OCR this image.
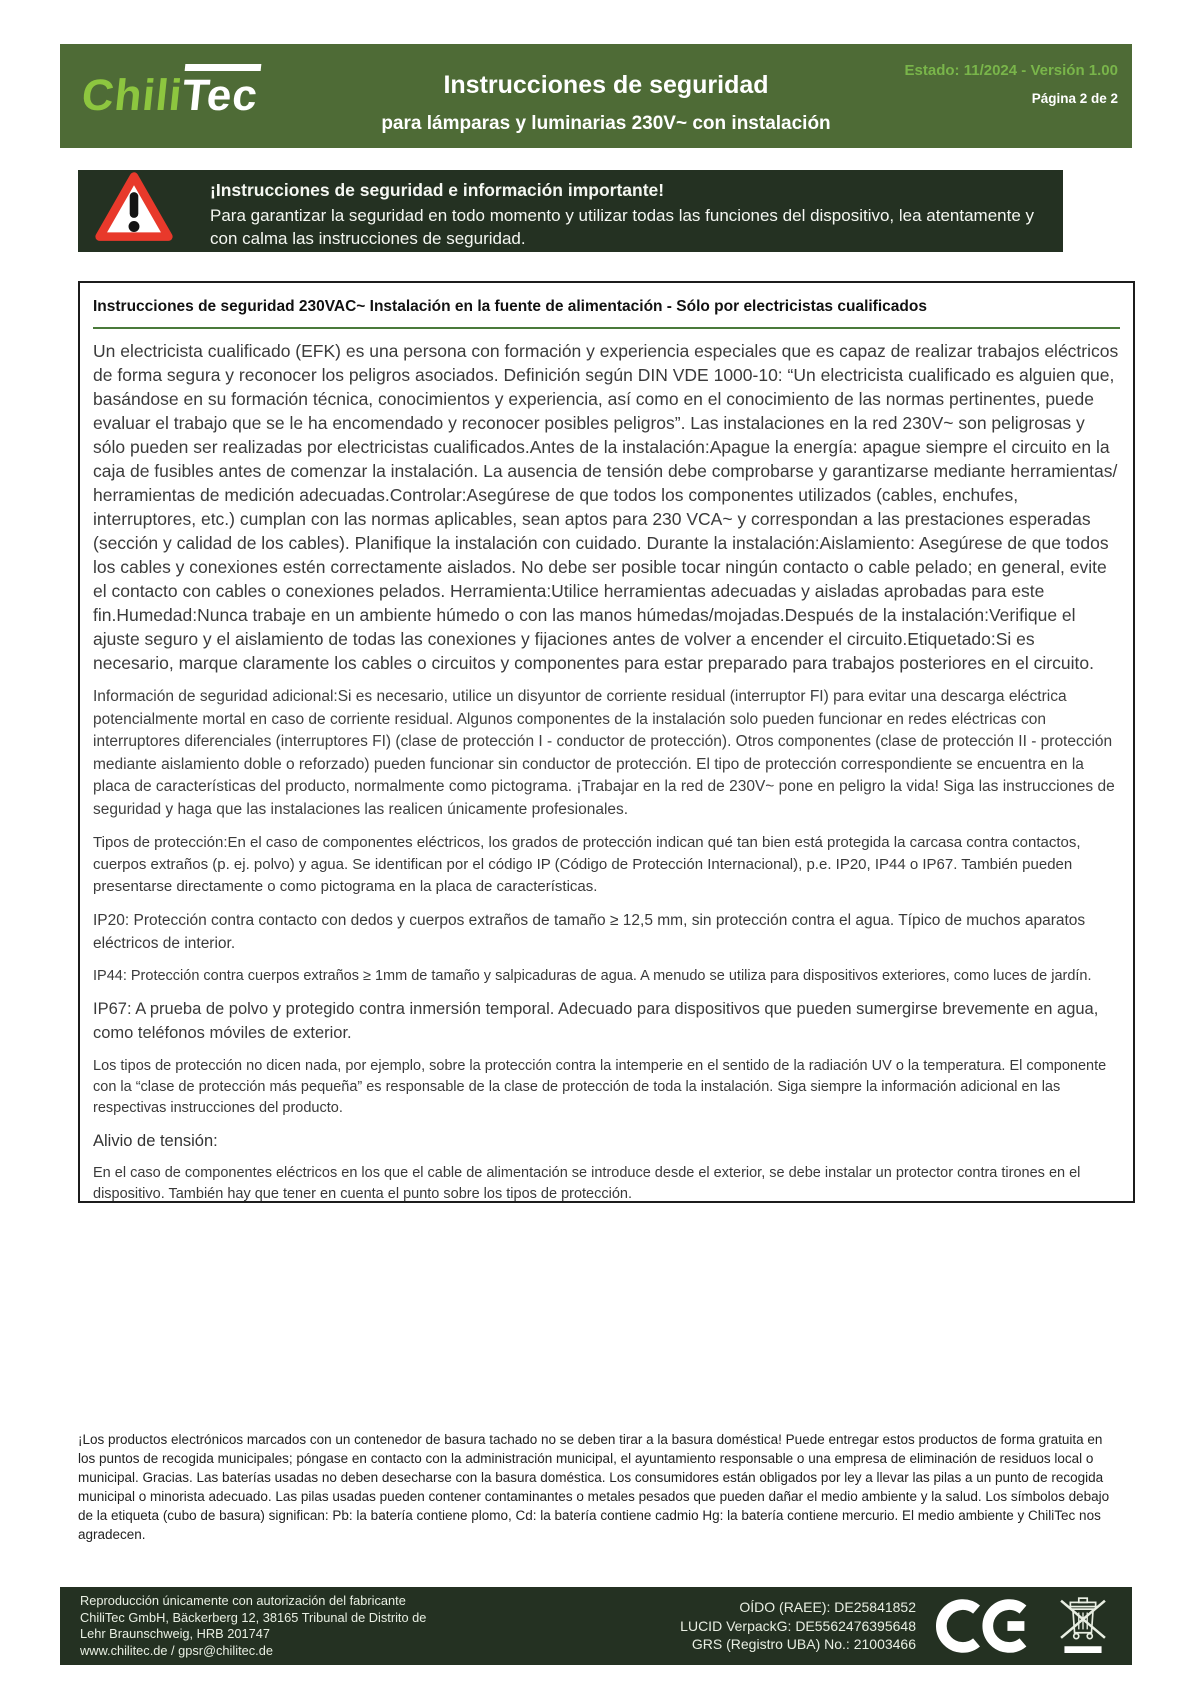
ChiliTec	Instrucciones de seguridad
para lámparas y luminarias 230V~ con instalación
Estado: 11/2024 - Versión 1.00
Página 2 de 2
¡Instrucciones de seguridad e información importante!
Para garantizar la seguridad en todo momento y utilizar todas las funciones del dispositivo, lea atentamente y con calma las instrucciones de seguridad.
Instrucciones de seguridad 230VAC~ Instalación en la fuente de alimentación - Sólo por electricistas cualificados

Un electricista cualificado (EFK) es una persona con formación y experiencia especiales que es capaz de realizar trabajos eléctricos de forma segura y reconocer los peligros asociados. Definición según DIN VDE 1000-10: “Un electricista cualificado es alguien que, basándose en su formación técnica, conocimientos y experiencia, así como en el conocimiento de las normas pertinentes, puede evaluar el trabajo que se le ha encomendado y reconocer posibles peligros”. Las instalaciones en la red 230V~ son peligrosas y sólo pueden ser realizadas por electricistas cualificados.Antes de la instalación:Apague la energía: apague siempre el circuito en la caja de fusibles antes de comenzar la instalación. La ausencia de tensión debe comprobarse y garantizarse mediante herramientas/ herramientas de medición adecuadas.Controlar:Asegúrese de que todos los componentes utilizados (cables, enchufes, interruptores, etc.) cumplan con las normas aplicables, sean aptos para 230 VCA~ y correspondan a las prestaciones esperadas (sección y calidad de los cables). Planifique la instalación con cuidado. Durante la instalación:Aislamiento: Asegúrese de que todos los cables y conexiones estén correctamente aislados. No debe ser posible tocar ningún contacto o cable pelado; en general, evite el contacto con cables o conexiones pelados. Herramienta:Utilice herramientas adecuadas y aisladas aprobadas para este fin.Humedad:Nunca trabaje en un ambiente húmedo o con las manos húmedas/mojadas.Después de la instalación:Verifique el ajuste seguro y el aislamiento de todas las conexiones y fijaciones antes de volver a encender el circuito.Etiquetado:Si es necesario, marque claramente los cables o circuitos y componentes para estar preparado para trabajos posteriores en el circuito.

Información de seguridad adicional:Si es necesario, utilice un disyuntor de corriente residual (interruptor FI) para evitar una descarga eléctrica potencialmente mortal en caso de corriente residual. Algunos componentes de la instalación solo pueden funcionar en redes eléctricas con interruptores diferenciales (interruptores FI) (clase de protección I - conductor de protección). Otros componentes (clase de protección II - protección mediante aislamiento doble o reforzado) pueden funcionar sin conductor de protección. El tipo de protección correspondiente se encuentra en la placa de características del producto, normalmente como pictograma. ¡Trabajar en la red de 230V~ pone en peligro la vida! Siga las instrucciones de seguridad y haga que las instalaciones las realicen únicamente profesionales.

Tipos de protección:En el caso de componentes eléctricos, los grados de protección indican qué tan bien está protegida la carcasa contra contactos, cuerpos extraños (p. ej. polvo) y agua. Se identifican por el código IP (Código de Protección Internacional), p.e. IP20, IP44 o IP67. También pueden presentarse directamente o como pictograma en la placa de características.

IP20: Protección contra contacto con dedos y cuerpos extraños de tamaño ≥ 12,5 mm, sin protección contra el agua. Típico de muchos aparatos eléctricos de interior.

IP44: Protección contra cuerpos extraños ≥ 1mm de tamaño y salpicaduras de agua. A menudo se utiliza para dispositivos exteriores, como luces de jardín.

IP67: A prueba de polvo y protegido contra inmersión temporal. Adecuado para dispositivos que pueden sumergirse brevemente en agua, como teléfonos móviles de exterior.

Los tipos de protección no dicen nada, por ejemplo, sobre la protección contra la intemperie en el sentido de la radiación UV o la temperatura. El componente con la “clase de protección más pequeña” es responsable de la clase de protección de toda la instalación. Siga siempre la información adicional en las respectivas instrucciones del producto.

Alivio de tensión:

En el caso de componentes eléctricos en los que el cable de alimentación se introduce desde el exterior, se debe instalar un protector contra tirones en el dispositivo. También hay que tener en cuenta el punto sobre los tipos de protección.

¡Los productos electrónicos marcados con un contenedor de basura tachado no se deben tirar a la basura doméstica! Puede entregar estos productos de forma gratuita en los puntos de recogida municipales; póngase en contacto con la administración municipal, el ayuntamiento responsable o una empresa de eliminación de residuos local o municipal. Gracias. Las baterías usadas no deben desecharse con la basura doméstica. Los consumidores están obligados por ley a llevar las pilas a un punto de recogida municipal o minorista adecuado. Las pilas usadas pueden contener contaminantes o metales pesados que pueden dañar el medio ambiente y la salud. Los símbolos debajo de la etiqueta (cubo de basura) significan: Pb: la batería contiene plomo, Cd: la batería contiene cadmio Hg: la batería contiene mercurio. El medio ambiente y ChiliTec nos agradecen.

Reproducción únicamente con autorización del fabricante
ChiliTec GmbH, Bäckerberg 12, 38165 Tribunal de Distrito de
Lehr Braunschweig, HRB 201747
www.chilitec.de / gpsr@chilitec.de
OÍDO (RAEE): DE25841852
LUCID VerpackG: DE5562476395648
GRS (Registro UBA) No.: 21003466
